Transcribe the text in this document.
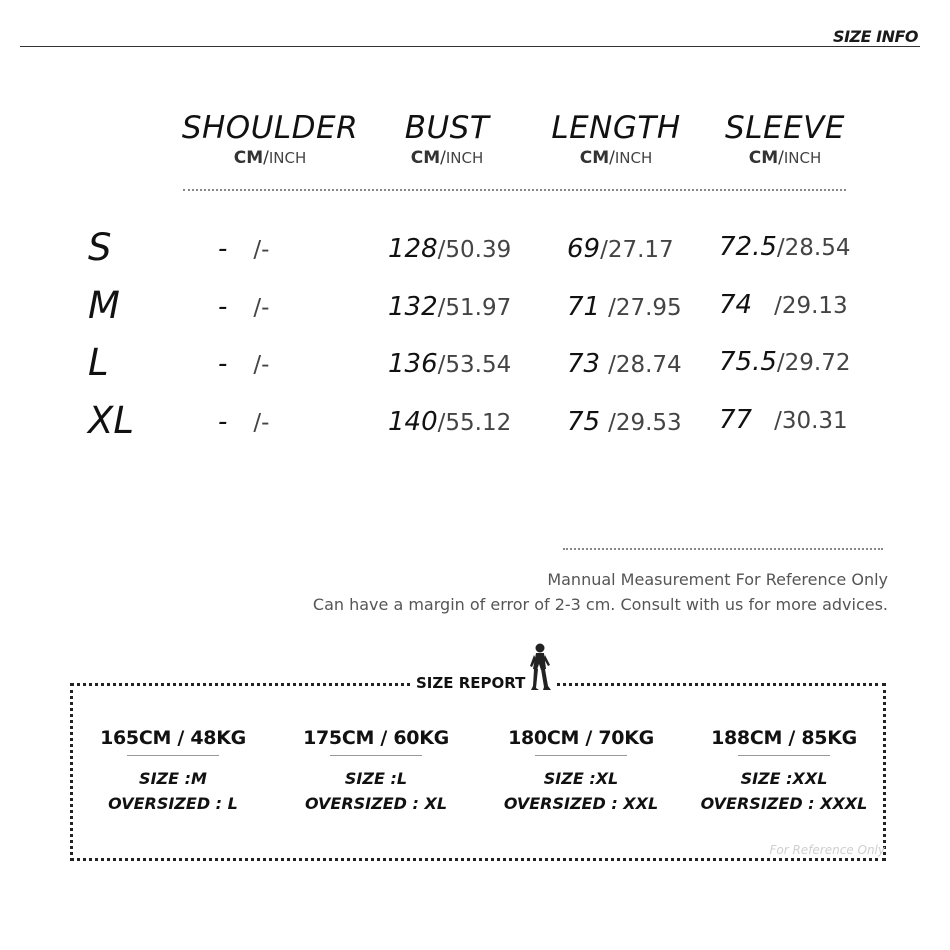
SIZE INFO
SHOULDER
CM/INCH
BUST
CM/INCH
LENGTH
CM/INCH
SLEEVE
CM/INCH
S	- /-	128/50.39 69/27.17 72.5/28.54
M	- /-	132/51.97 71 /27.95 74 /29.13
L	- /-	136/53.54 73 /28.74 75.5/29.72
XL	- /-	140/55.12 75 /29.53 77 /30.31
Mannual Measurement For Reference Only
Can have a margin of error of 2-3 cm. Consult with us for more advices.
SIZE REPORT
165CM / 48KG
SIZE :M
OVERSIZED : L
175CM / 60KG
SIZE :L
OVERSIZED : XL
180CM / 70KG
SIZE :XL
OVERSIZED : XXL
188CM / 85KG
SIZE :XXL
OVERSIZED : XXXL
For Reference Only
